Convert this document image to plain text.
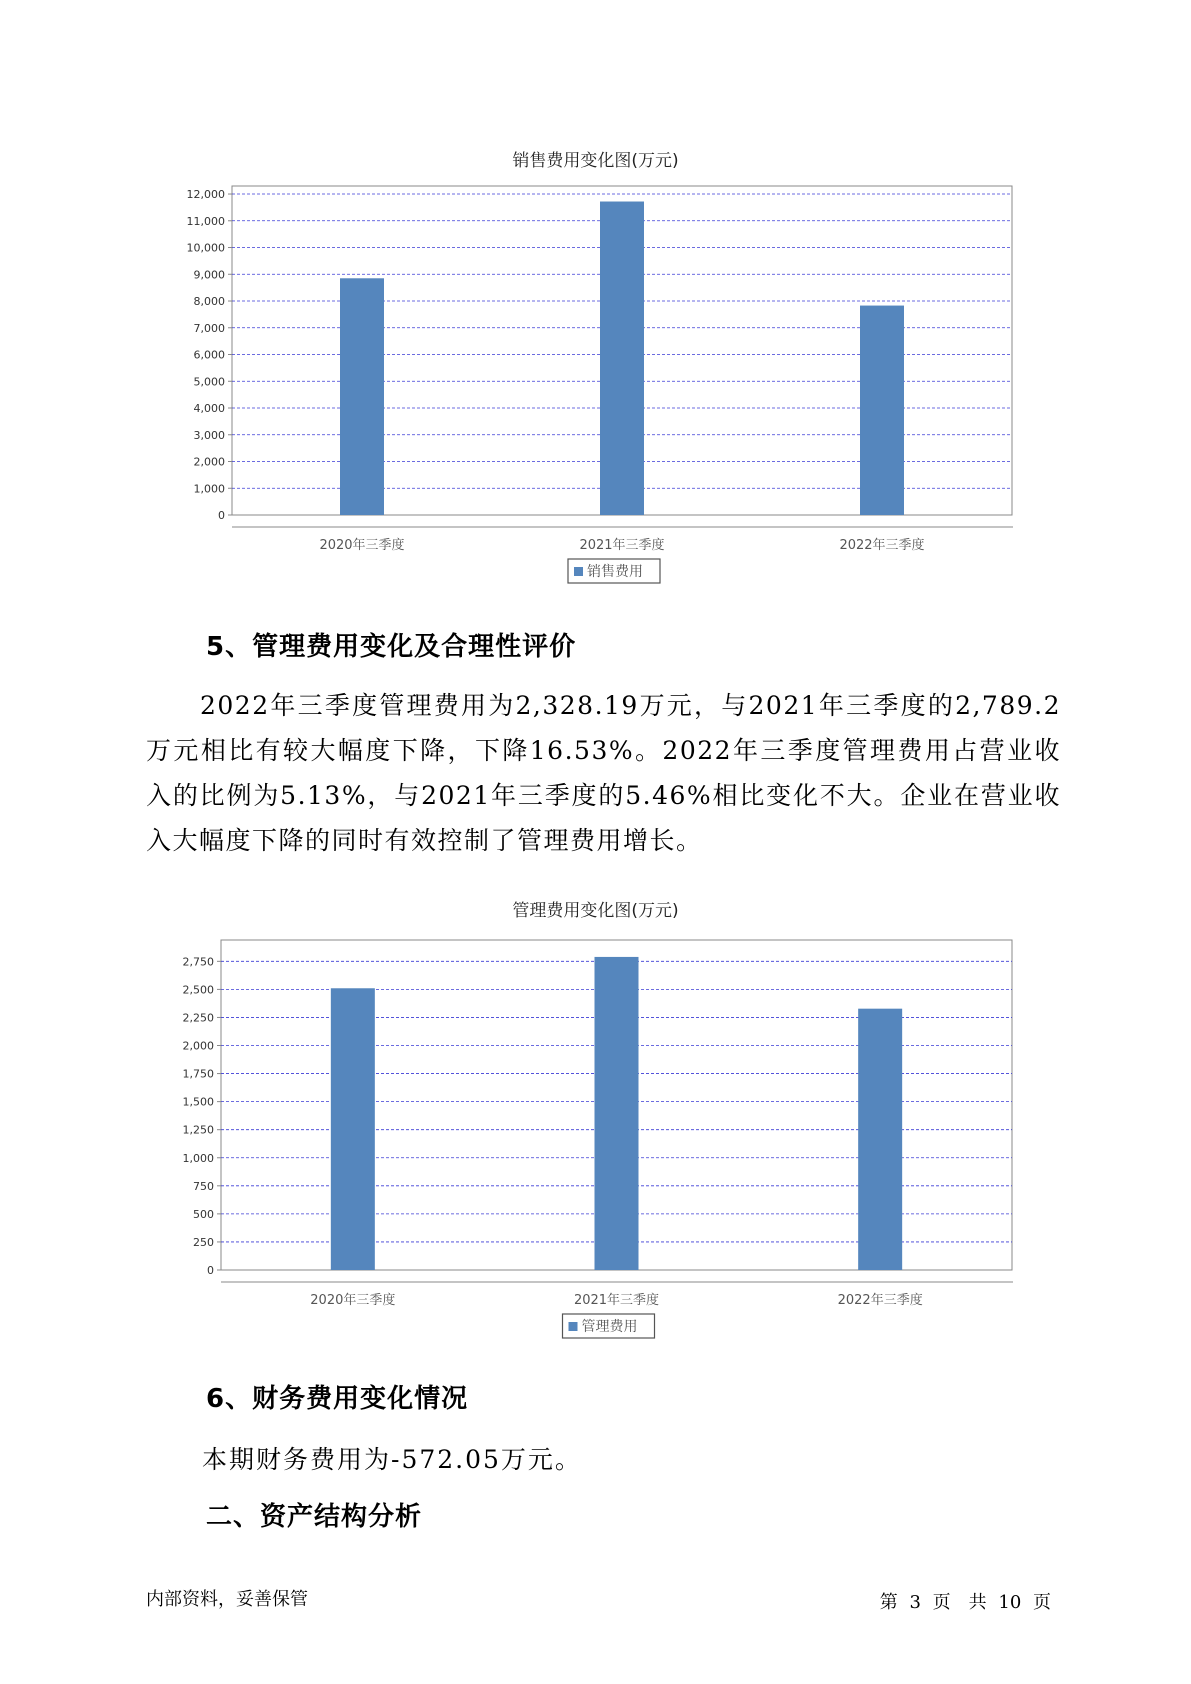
销售费用变化图(万元)
0
1,000
2,000
3,000
4,000
5,000
6,000
7,000
8,000
9,000
10,000
11,000
12,000
2020年三季度	2021年三季度	2022年三季度
销售费用
5、管理费用变化及合理性评价
2022年三季度管理费用为2,328.19万元，与2021年三季度的2,789.2万元相比有较大幅度下降，下降16.53%。2022年三季度管理费用占营业收入的比例为5.13%，与2021年三季度的5.46%相比变化不大。企业在营业收入大幅度下降的同时有效控制了管理费用增长。
管理费用变化图(万元)
0
250
500
750
1,000
1,250
1,500
1,750
2,000
2,250
2,500
2,750
2020年三季度	2021年三季度	2022年三季度
管理费用
6、财务费用变化情况
本期财务费用为-572.05万元。
二、资产结构分析
内部资料，妥善保管	第 3 页　共 10 页
